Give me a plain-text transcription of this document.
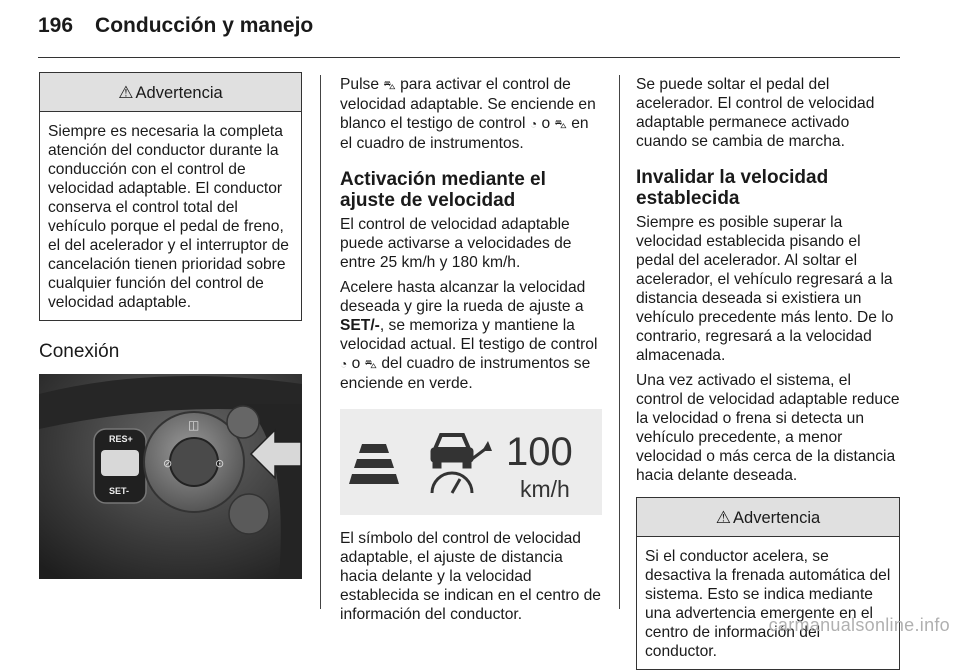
196 Conducción y manejo
⚠ Advertencia
Siempre es necesaria la completa atención del conductor durante la conducción con el control de velocidad adaptable. El conductor conserva el control total del vehículo porque el pedal de freno, el del acelerador y el interruptor de cancelación tienen prioridad sobre cualquier función del control de velocidad adaptable.
Conexión
RES+
SET-
◫
⊘	⊙

Pulse ⛍ para activar el control de velocidad adaptable. Se enciende en blanco el testigo de control ◔ o ⛍ en el cuadro de instrumentos.

Activación mediante el ajuste de velocidad

El control de velocidad adaptable puede activarse a velocidades de entre 25 km/h y 180 km/h.

Acelere hasta alcanzar la velocidad deseada y gire la rueda de ajuste a SET/-, se memoriza y mantiene la velocidad actual. El testigo de control ◔ o ⛍ del cuadro de instrumentos se enciende en verde.

100
km/h

El símbolo del control de velocidad adaptable, el ajuste de distancia hacia delante y la velocidad establecida se indican en el centro de información del conductor.

Se puede soltar el pedal del acelerador. El control de velocidad adaptable permanece activado cuando se cambia de marcha.

Invalidar la velocidad establecida

Siempre es posible superar la velocidad establecida pisando el pedal del acelerador. Al soltar el acelerador, el vehículo regresará a la distancia deseada si existiera un vehículo precedente más lento. De lo contrario, regresará a la velocidad almacenada.

Una vez activado el sistema, el control de velocidad adaptable reduce la velocidad o frena si detecta un vehículo precedente, a menor velocidad o más cerca de la distancia hacia delante deseada.

⚠ Advertencia
Si el conductor acelera, se desactiva la frenada automática del sistema. Esto se indica mediante una advertencia emergente en el centro de información del conductor.
carmanualsonline.info
